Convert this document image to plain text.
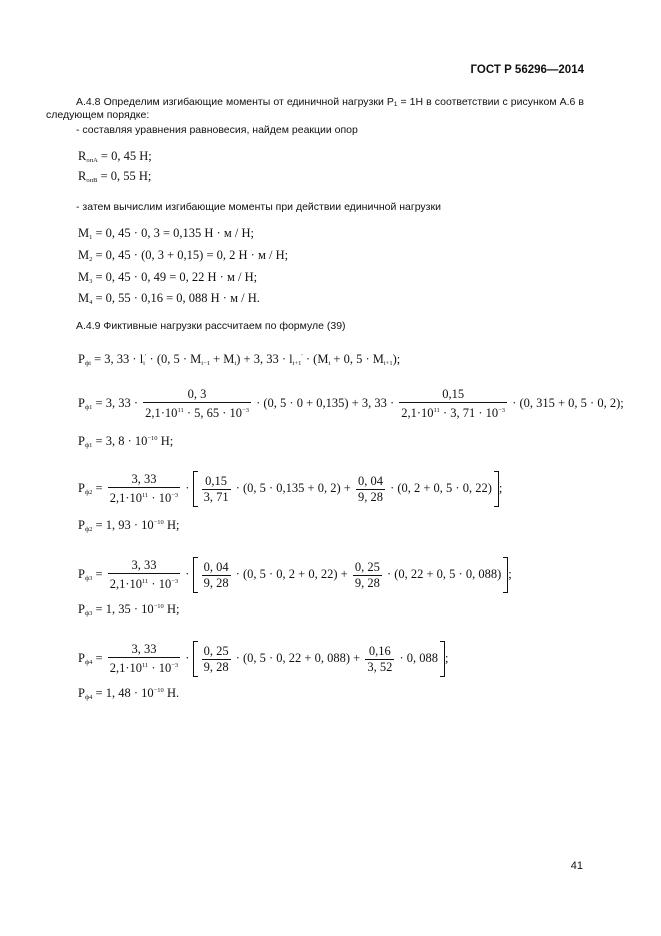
ГОСТ Р 56296—2014
А.4.8 Определим изгибающие моменты от единичной нагрузки Р₁ = 1Н в соответствии с рисунком А.6 в следующем порядке:
- составляя уравнения равновесия, найдем реакции опор
$R_{опА} = 0$, 45 Н;
$R_{опВ} = 0$, 55 Н;
- затем вычислим изгибающие моменты при действии единичной нагрузки
$M_1 = 0$, 45 · 0, 3 = 0,135 Н · м / Н;
$M_2 = 0$, 45 · (0, 3 + 0,15) = 0, 2 Н · м / Н;
$M_3 = 0$, 45 · 0, 49 = 0, 22 Н · м / Н;
$M_4 = 0$, 55 · 0,16 = 0, 088 Н · м / Н.
А.4.9 Фиктивные нагрузки рассчитаем по формуле (39)
$P_{фi} = 3$, $33 \cdot l_i' \cdot (0$, $5 \cdot M_{i-1} + M_i) + 3$, $33 \cdot l_{i+1}' \cdot (M_i + 0$, $5 \cdot M_{i+1}$);
$P_{ф1} = 3$, $33 \cdot \frac{0, 3}{2,1\cdot 10^{11} \cdot 5, 65 \cdot 10^{-3}} \cdot (0$, 5 · 0 + 0,135) + 3, $33 \cdot \frac{0,15}{2,1\cdot 10^{11} \cdot 3, 71 \cdot 10^{-3}} \cdot (0$, 315 + 0, 5 · 0, 2);
$P_{ф1} = 3$, $8 \cdot 10^{-10}$ Н;
$P_{ф2} = \frac{3, 33}{2,1\cdot 10^{11} \cdot 10^{-3}} \cdot \frac{0,15}{3, 71} \cdot (0$, 5 · 0,135 + 0, $2) + \frac{0, 04}{9, 28} \cdot (0$, 2 + 0, 5 · 0, 22) ;
$P_{ф2} = 1$, $93 \cdot 10^{-10}$ Н;
$P_{ф3} = \frac{3, 33}{2,1\cdot 10^{11} \cdot 10^{-3}} \cdot \frac{0, 04}{9, 28} \cdot (0$, 5 · 0, 2 + 0, $22) + \frac{0, 25}{9, 28} \cdot (0$, 22 + 0, 5 · 0, 088) ;
$P_{ф3} = 1$, $35 \cdot 10^{-10}$ Н;
$P_{ф4} = \frac{3, 33}{2,1\cdot 10^{11} \cdot 10^{-3}} \cdot \frac{0, 25}{9, 28} \cdot (0$, 5 · 0, 22 + 0, $088) + \frac{0,16}{3, 52} \cdot 0$, 088 ;
$P_{ф4} = 1$, $48 \cdot 10^{-10}$ Н.
41
